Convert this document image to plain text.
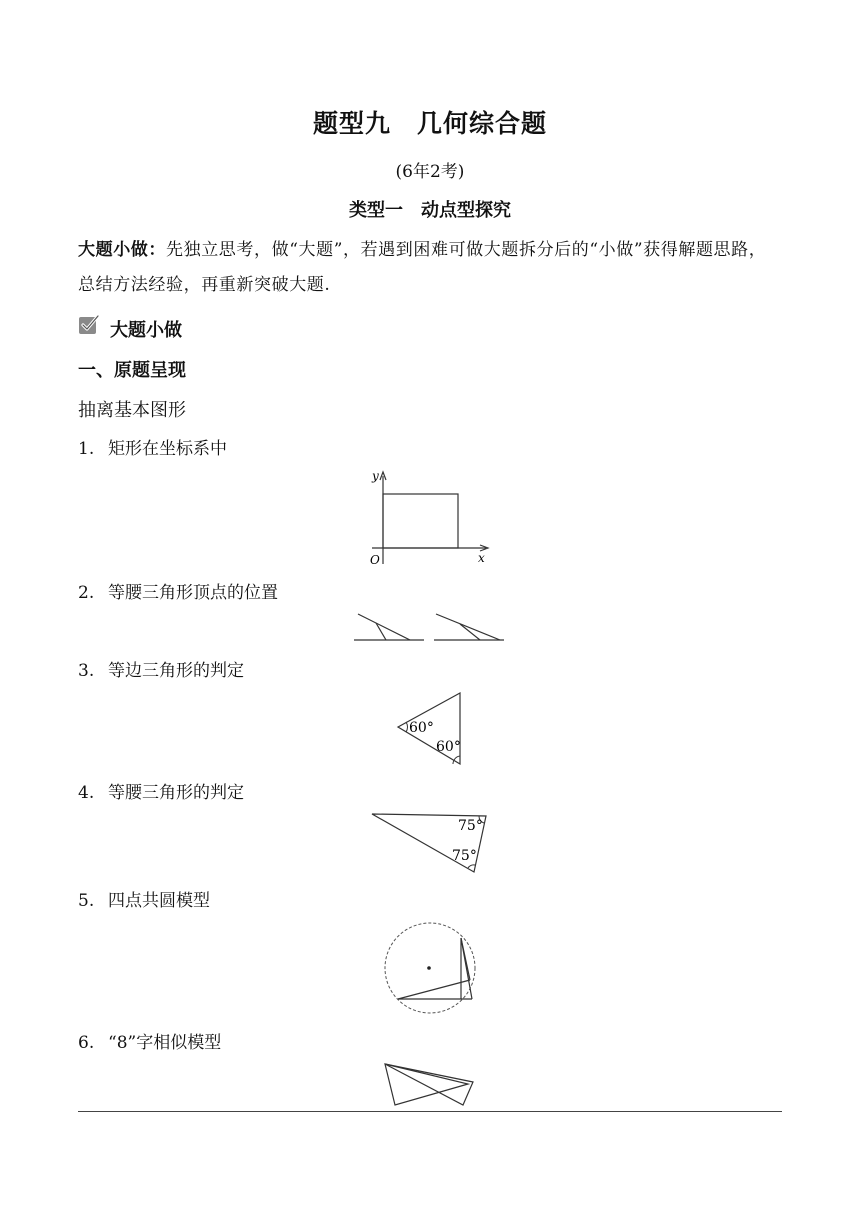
题型九　几何综合题
(6年2考)
类型一　动点型探究
大题小做：先独立思考，做“大题”，若遇到困难可做大题拆分后的“小做”获得解题思路，总结方法经验，再重新突破大题.
大题小做
一、原题呈现
抽离基本图形
1. 矩形在坐标系中
y
x
O
2. 等腰三角形顶点的位置
3. 等边三角形的判定
60°
60°
4. 等腰三角形的判定
75°
75°
5. 四点共圆模型
6. “8”字相似模型
